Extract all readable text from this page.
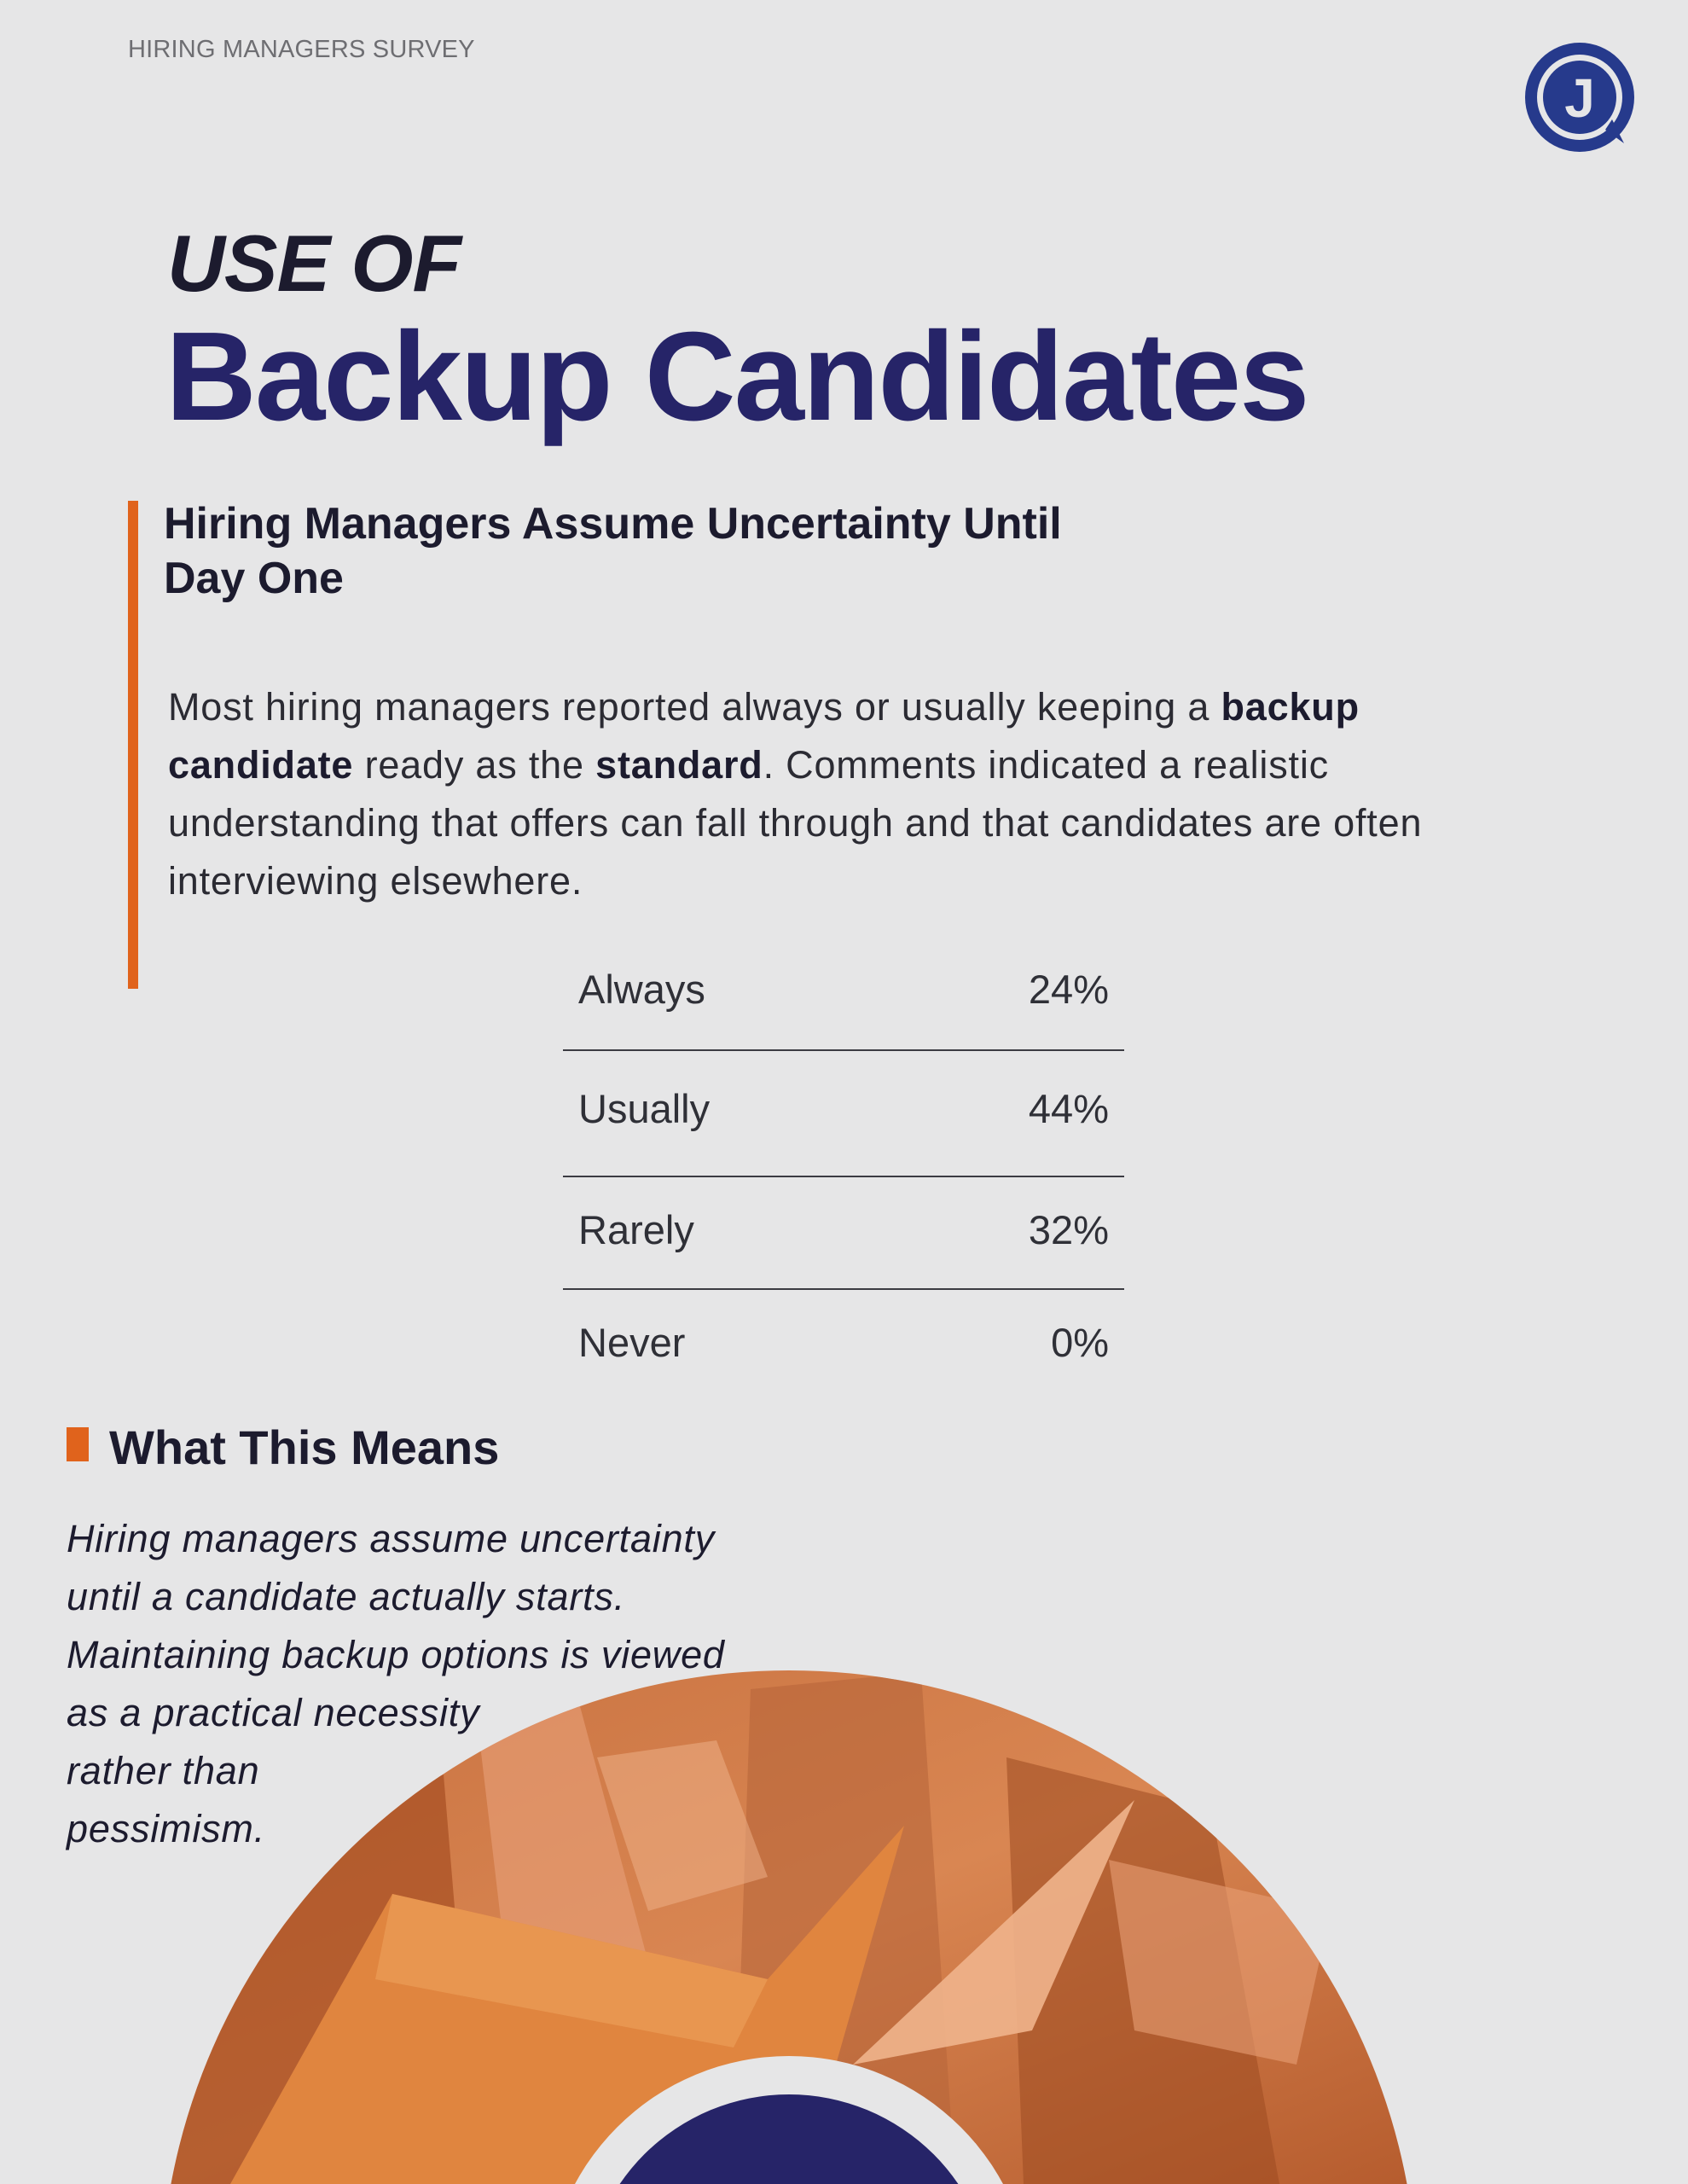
HIRING MANAGERS SURVEY
J
USE OF
Backup Candidates
Hiring Managers Assume Uncertainty Until Day One
Most hiring managers reported always or usually keeping a backup candidate ready as the standard. Comments indicated a realistic understanding that offers can fall through and that candidates are often interviewing elsewhere.
Always	24%
Usually	44%
Rarely	32%
Never	0%
What This Means
Hiring managers assume uncertainty
until a candidate actually starts.
Maintaining backup options is viewed
as a practical necessity
rather than
pessimism.
